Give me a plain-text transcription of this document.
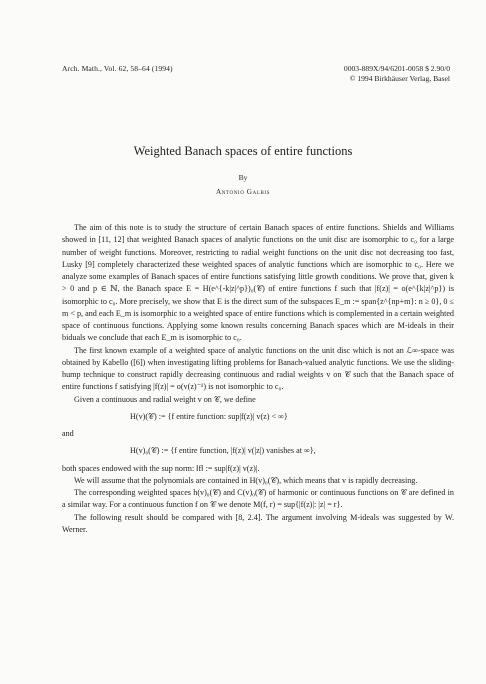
Arch. Math., Vol. 62, 58–64 (1994)	0003-889X/94/6201-0058 $ 2.90/0
© 1994 Birkhäuser Verlag, Basel
Weighted Banach spaces of entire functions
By
Antonio Galbis

The aim of this note is to study the structure of certain Banach spaces of entire functions. Shields and Williams showed in [11, 12] that weighted Banach spaces of analytic functions on the unit disc are isomorphic to c₀ for a large number of weight functions. Moreover, restricting to radial weight functions on the unit disc not decreasing too fast, Lusky [9] completely characterized these weighted spaces of analytic functions which are isomorphic to c₀. Here we analyze some examples of Banach spaces of entire functions satisfying little growth conditions. We prove that, given k > 0 and p ∈ ℕ, the Banach space E = H(e^{-k|z|^p})₀(𝒞) of entire functions f such that |f(z)| = o(e^{k|z|^p}) is isomorphic to c₀. More precisely, we show that E is the direct sum of the subspaces E_m := span{z^{np+m}: n ≥ 0}, 0 ≤ m < p, and each E_m is isomorphic to a weighted space of entire functions which is complemented in a certain weighted space of continuous functions. Applying some known results concerning Banach spaces which are M-ideals in their biduals we conclude that each E_m is isomorphic to c₀.

The first known example of a weighted space of analytic functions on the unit disc which is not an ℒ∞-space was obtained by Kabello ([6]) when investigating lifting problems for Banach-valued analytic functions. We use the sliding-hump technique to construct rapidly decreasing continuous and radial weights v on 𝒞 such that the Banach space of entire functions f satisfying |f(z)| = o(v(z)⁻¹) is not isomorphic to c₀.

Given a continuous and radial weight v on 𝒞, we define

H(v)(𝒞) := {f entire function: sup|f(z)| v(z) < ∞}

and

H(v)₀(𝒞) := {f entire function, |f(z)| v(|z|) vanishes at ∞},

both spaces endowed with the sup norm: ‖f‖ := sup|f(z)| v(z)|.

We will assume that the polynomials are contained in H(v)₀(𝒞), which means that v is rapidly decreasing.

The corresponding weighted spaces h(v)₀(𝒞) and C(v)₀(𝒞) of harmonic or continuous functions on 𝒞 are defined in a similar way. For a continuous function f on 𝒞 we denote M(f, r) = sup{|f(z)|: |z| = r}.

The following result should be compared with [8, 2.4]. The argument involving M-ideals was suggested by W. Werner.
